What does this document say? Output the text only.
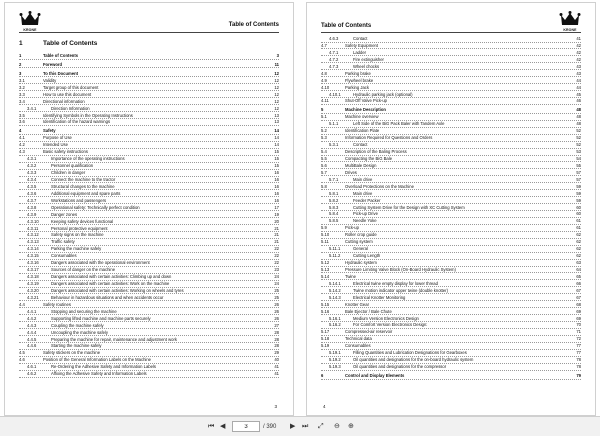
KRONE
Table of Contents
1	Table of Contents
1	Table of Contents	3
2	Foreword	11
3	To this Document	12
3.1	Validity	12
3.2	Target group of this document	12
3.3	How to use this document	12
3.4	Directional information	12
3.4.1	Direction Information	12
3.5	Identifying Symbols in the Operating Instructions	13
3.6	Identification of the hazard warnings	13
4	Safety	14
4.1	Purpose of Use	14
4.2	Intended Use	14
4.3	Basic safety instructions	15
4.3.1	Importance of the operating instructions	15
4.3.2	Personnel qualification	15
4.3.3	Children in danger	16
4.3.4	Connect the machine to the tractor	16
4.3.5	Structural changes to the machine	16
4.3.6	Additional equipment and spare parts	16
4.3.7	Workstations and passengers	16
4.3.8	Operational safety: Technically perfect condition	17
4.3.9	Danger zones	19
4.3.10	Keeping safety devices functional	20
4.3.11	Personal protective equipment	21
4.3.12	Safety signs on the machine	21
4.3.13	Traffic safety	21
4.3.14	Parking the machine safely	22
4.3.15	Consumables	22
4.3.16	Dangers associated with the operational environment	22
4.3.17	Sources of danger on the machine	23
4.3.18	Dangers associated with certain activities: Climbing up and down	24
4.3.19	Dangers associated with certain activities: Work on the machine	24
4.3.20	Dangers associated with certain activities: Working on wheels and tyres	25
4.3.21	Behaviour in hazardous situations and when accidents occur	25
4.4	Safety routines	26
4.4.1	Stopping and securing the machine	26
4.4.2	Supporting lifted machine and machine parts securely	26
4.4.3	Coupling the machine safely	27
4.4.4	Uncoupling the machine safely	28
4.4.5	Preparing the machine for repair, maintenance and adjustment work	28
4.4.6	Starting the machine safely	28
4.5	Safety stickers on the machine	29
4.6	Position of the General Information Labels on the Machine	40
4.6.1	Re-Ordering the Adhesive Safety and Information Labels	41
4.6.2	Affixing the Adhesive Safety and Information Labels	41
3
Table of Contents
KRONE
4.6.3	Contact	41
4.7	Safety Equipment	42
4.7.1	Ladder	42
4.7.2	Fire extinguisher	42
4.7.3	Wheel chocks	43
4.8	Parking brake	43
4.9	Flywheel brake	44
4.10	Parking Jack	44
4.10.1	Hydraulic parking jack (optional)	45
4.11	Shut-Off Valve Pick-up	46
5	Machine Description	48
5.1	Machine overview	48
5.1.1	Left Side of the BiG Pack Baler with Tandem Axle	48
5.2	Identification Plate	52
5.3	Information Required for Questions and Orders	52
5.3.1	Contact	52
5.4	Description of the Baling Process	53
5.5	Compacting the BiG Bale	54
5.6	MultiBale Design	55
5.7	Drives	57
5.7.1	Main drive	57
5.8	Overload Protections on the Machine	59
5.8.1	Main drive	59
5.8.2	Feeder Packer	59
5.8.3	Cutting System Drive for the Design with XC Cutting System	60
5.8.4	Pick-up Drive	60
5.8.5	Needle Yoke	61
5.9	Pick-up	61
5.10	Roller crop guide	62
5.11	Cutting system	62
5.11.1	General	62
5.11.2	Cutting Length	62
5.12	Hydraulic system	63
5.13	Pressure Limiting Valve Block (On-Board Hydraulic System)	64
5.14	Twine	65
5.14.1	Electrical twine empty display for lower thread	66
5.14.2	Twine motion indicator upper twine (double knotter)	67
5.14.3	Electrical Knotter Monitoring	67
5.15	Knotter Gear	68
5.16	Bale Ejector / Bale Chute	69
5.16.1	Medium Version Electronics Design	69
5.16.2	For Comfort Version Electronics Design:	70
5.17	Compressed-air reservoir	71
5.18	Technical data	72
5.19	Consumables	77
5.19.1	Filling Quantities and Lubrication Designations for Gearboxes	77
5.19.2	Oil quantities and designations for the on-board hydraulic system	78
5.19.3	Oil quantities and designations for the compressor	78
6	Control and Display Elements	79
4
⏮ ◀
3	/ 390 ▶ ⏭ ⤢ ⊖ ⊕
